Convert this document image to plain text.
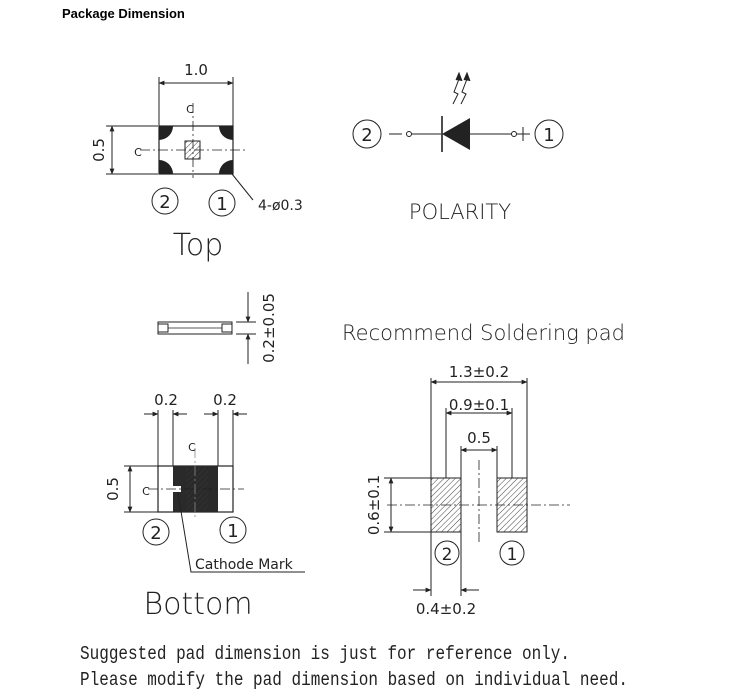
Package Dimension
1.0
0.5
C
C
2	1 4-ø0.3
Top
2	1
POLARITY
0.2±0.05
0.2 0.2
0.5
C
C
2	1
Cathode Mark
Bottom
Recommend Soldering pad
1.3±0.2
0.9±0.1
0.5
0.6±0.1
0.4±0.2
2	1
Suggested pad dimension is just for reference only.
Please modify the pad dimension based on individual need.
